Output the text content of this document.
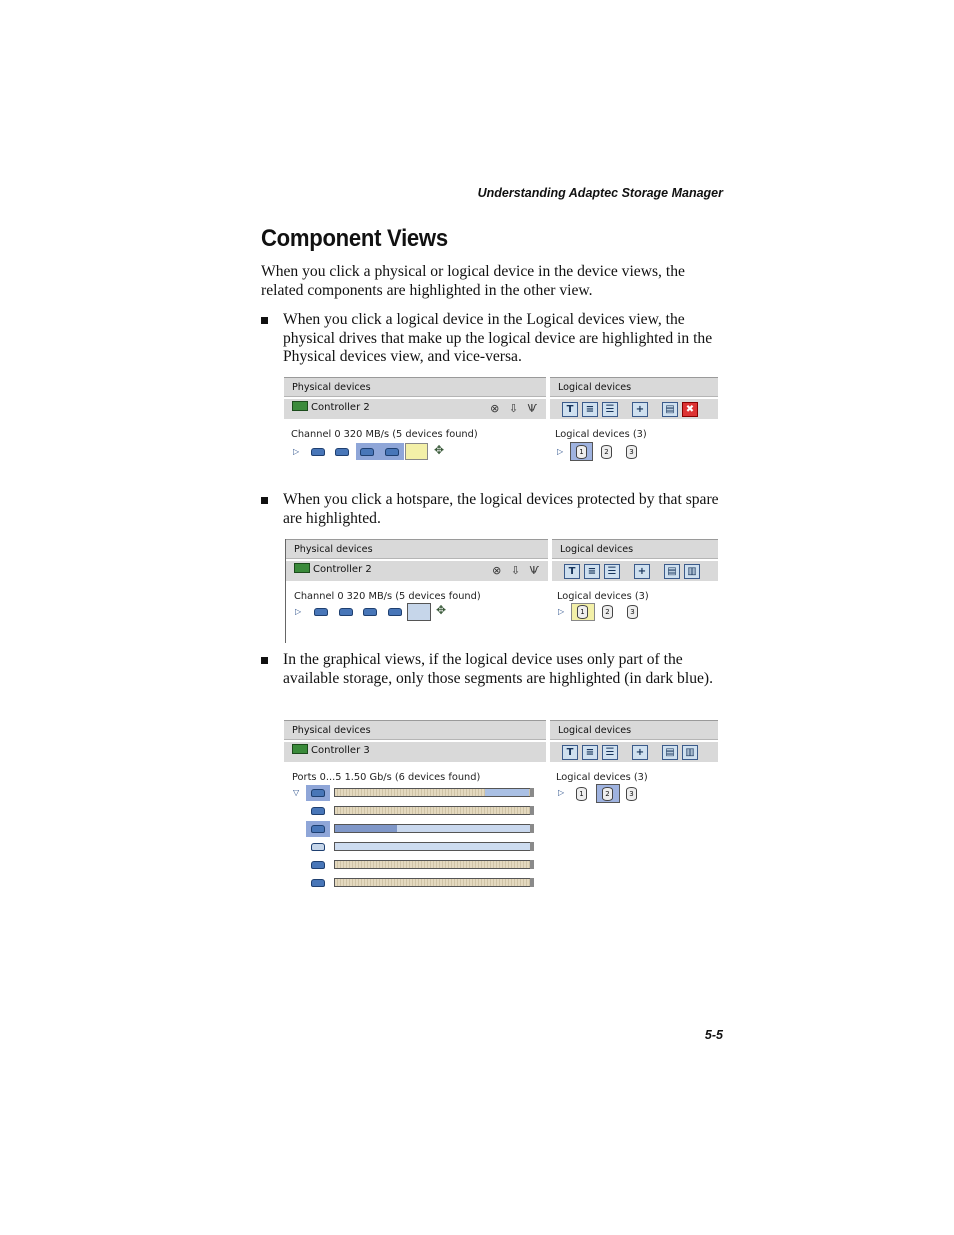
Understanding Adaptec Storage Manager
Component Views

When you click a physical or logical device in the device views, the related components are highlighted in the other view.

When you click a logical device in the Logical devices view, the physical drives that make up the logical device are highlighted in the Physical devices view, and vice-versa.

Physical devices	Logical devices
Controller 2	⊗ ⇩ Ѱ	T ≡ ☰ + ▤ ✖
Channel 0 320 MB/s (5 devices found)	Logical devices (3)
▷	✥	▷	1	2	3

When you click a hotspare, the logical devices protected by that spare are highlighted.

Physical devices	Logical devices
Controller 2	⊗ ⇩ Ѱ	T ≡ ☰ + ▤ ▥
Channel 0 320 MB/s (5 devices found)	Logical devices (3)
▷	✥	▷	1	2	3

In the graphical views, if the logical device uses only part of the available storage, only those segments are highlighted (in dark blue).

Physical devices	Logical devices
Controller 3	T ≡ ☰ + ▤ ▥
Ports 0...5 1.50 Gb/s (6 devices found)	Logical devices (3)
▽	▷	1	2	3
5-5
